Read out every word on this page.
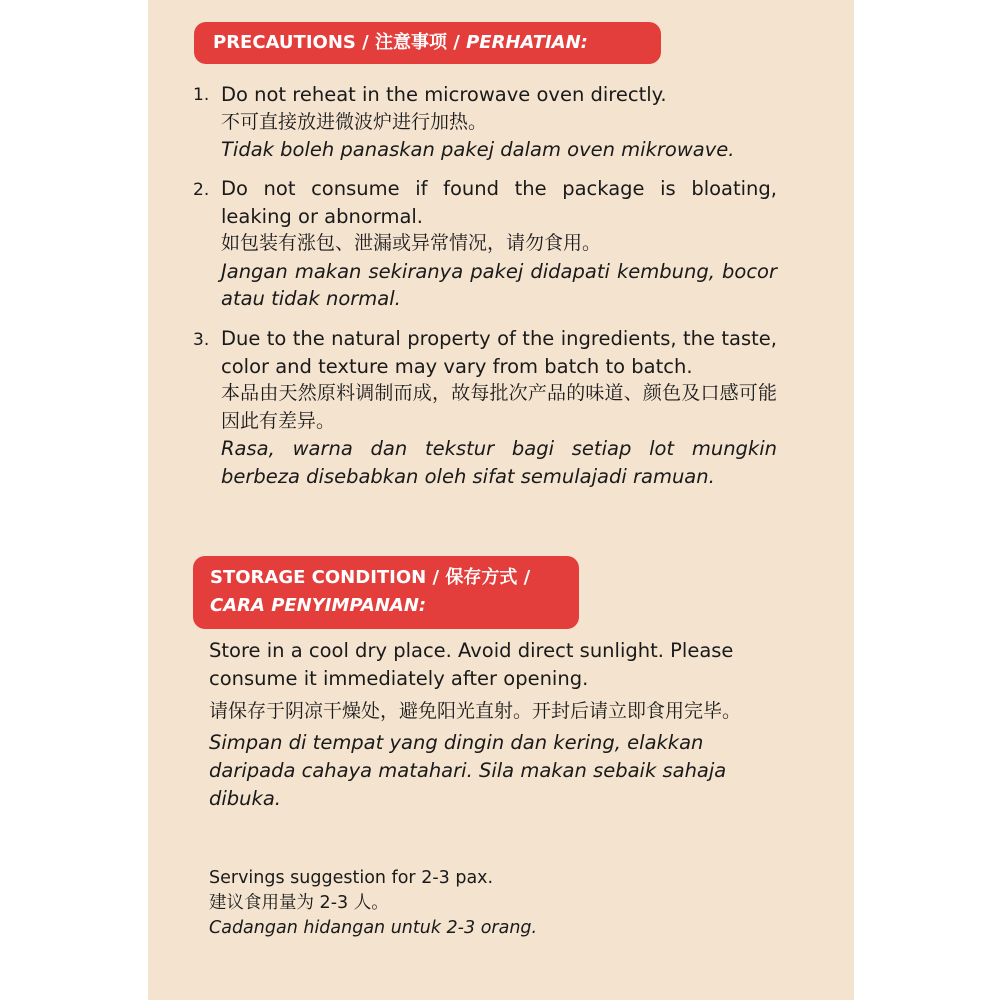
PRECAUTIONS / 注意事项 / PERHATIAN:
1. Do not reheat in the microwave oven directly.

不可直接放进微波炉进行加热。

Tidak boleh panaskan pakej dalam oven mikrowave.

2. Do not consume if found the package is bloating, leaking or abnormal.

如包装有涨包、泄漏或异常情况，请勿食用。

Jangan makan sekiranya pakej didapati kembung, bocor atau tidak normal.

3. Due to the natural property of the ingredients, the taste, color and texture may vary from batch to batch.

本品由天然原料调制而成，故每批次产品的味道、颜色及口感可能因此有差异。

Rasa, warna dan tekstur bagi setiap lot mungkin berbeza disebabkan oleh sifat semulajadi ramuan.

STORAGE CONDITION / 保存方式 /
CARA PENYIMPANAN:

Store in a cool dry place. Avoid direct sunlight. Please consume it immediately after opening.

请保存于阴凉干燥处，避免阳光直射。开封后请立即食用完毕。

Simpan di tempat yang dingin dan kering, elakkan daripada cahaya matahari. Sila makan sebaik sahaja dibuka.

Servings suggestion for 2-3 pax.

建议食用量为 2-3 人。

Cadangan hidangan untuk 2-3 orang.
